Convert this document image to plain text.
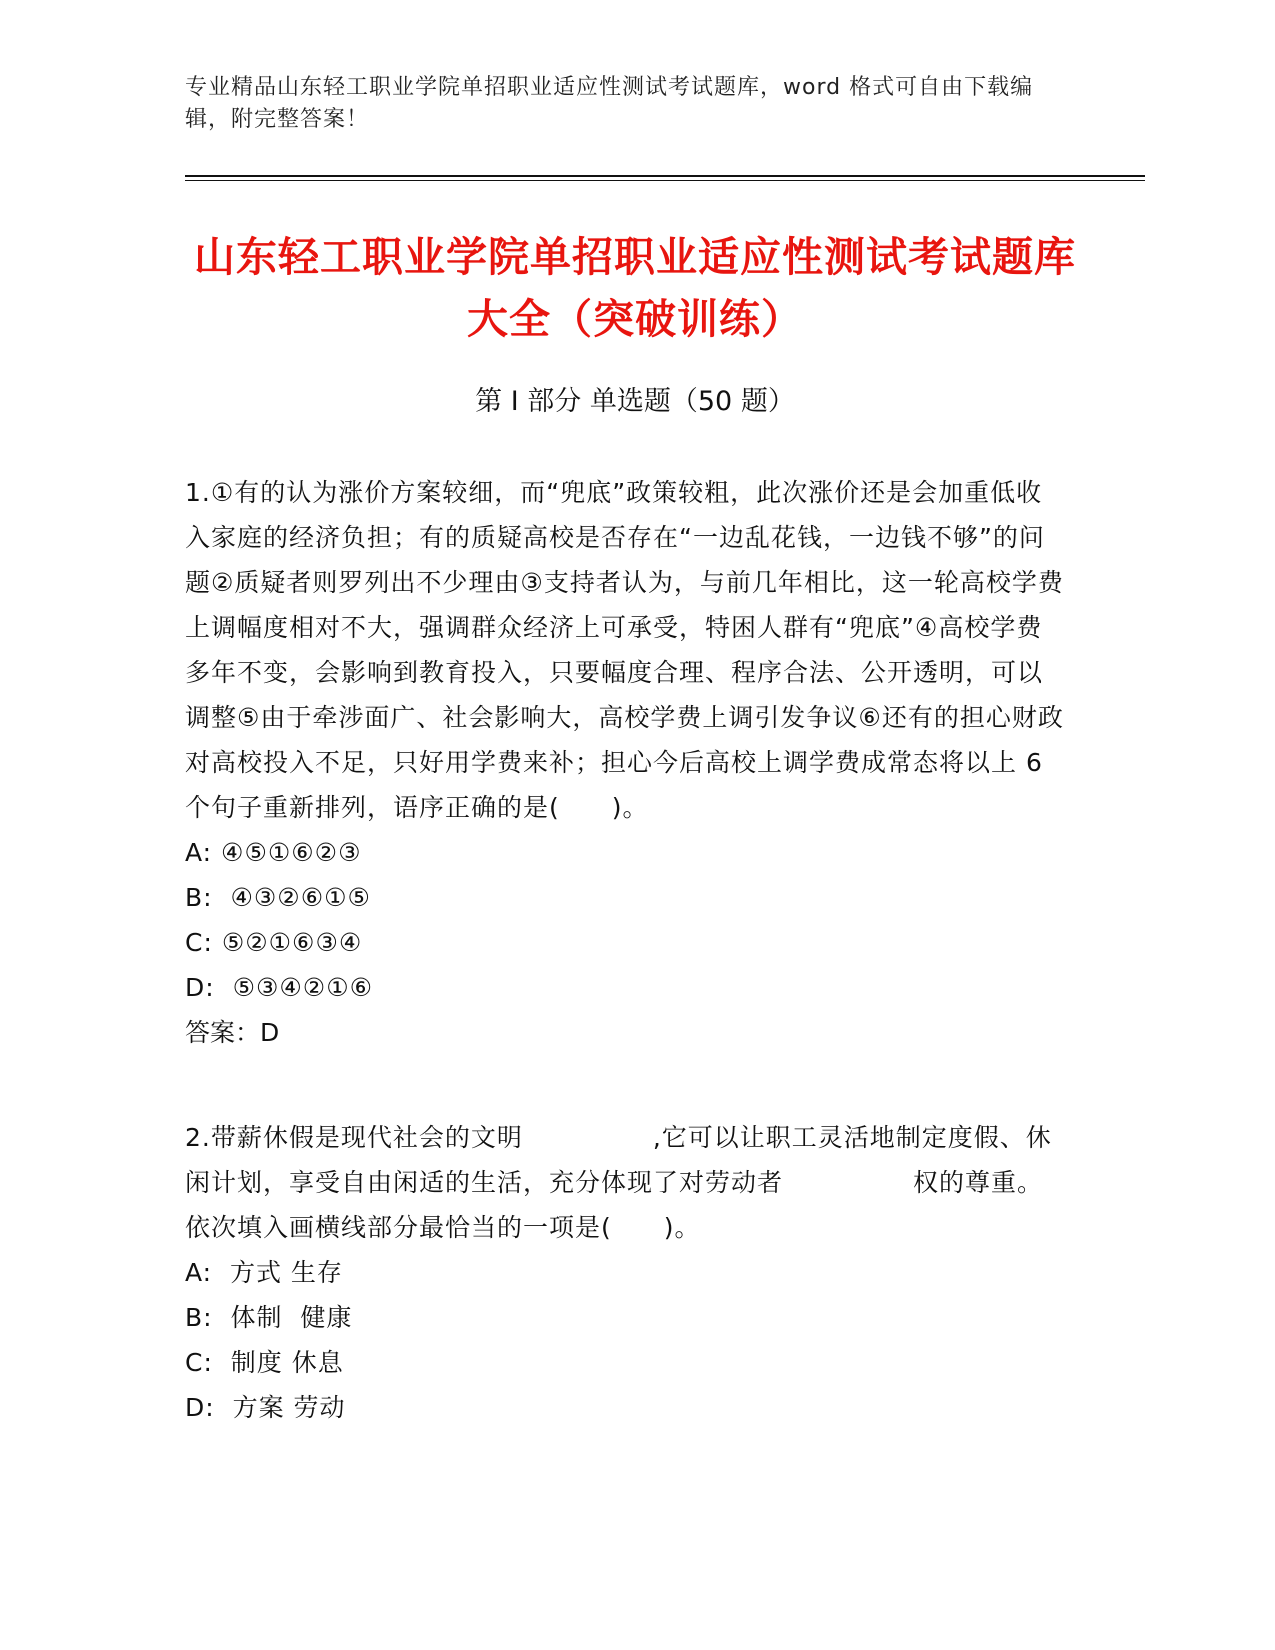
专业精品山东轻工职业学院单招职业适应性测试考试题库，word 格式可自由下载编辑，附完整答案！
山东轻工职业学院单招职业适应性测试考试题库大全（突破训练）
第 I 部分 单选题（50 题）

1.①有的认为涨价方案较细，而“兜底”政策较粗，此次涨价还是会加重低收入家庭的经济负担；有的质疑高校是否存在“一边乱花钱，一边钱不够”的问题②质疑者则罗列出不少理由③支持者认为，与前几年相比，这一轮高校学费上调幅度相对不大，强调群众经济上可承受，特困人群有“兜底”④高校学费多年不变，会影响到教育投入，只要幅度合理、程序合法、公开透明，可以调整⑤由于牵涉面广、社会影响大，高校学费上调引发争议⑥还有的担心财政对高校投入不足，只好用学费来补；担心今后高校上调学费成常态将以上 6 个句子重新排列，语序正确的是(　　)。

A: ④⑤①⑥②③
B:  ④③②⑥①⑤
C: ⑤②①⑥③④
D:  ⑤③④②①⑥
答案：D

2.带薪休假是现代社会的文明　　　　　,它可以让职工灵活地制定度假、休闲计划，享受自由闲适的生活，充分体现了对劳动者　　　　　权的尊重。依次填入画横线部分最恰当的一项是(　　)。

A:  方式 生存
B:  体制  健康
C:  制度 休息
D:  方案 劳动
